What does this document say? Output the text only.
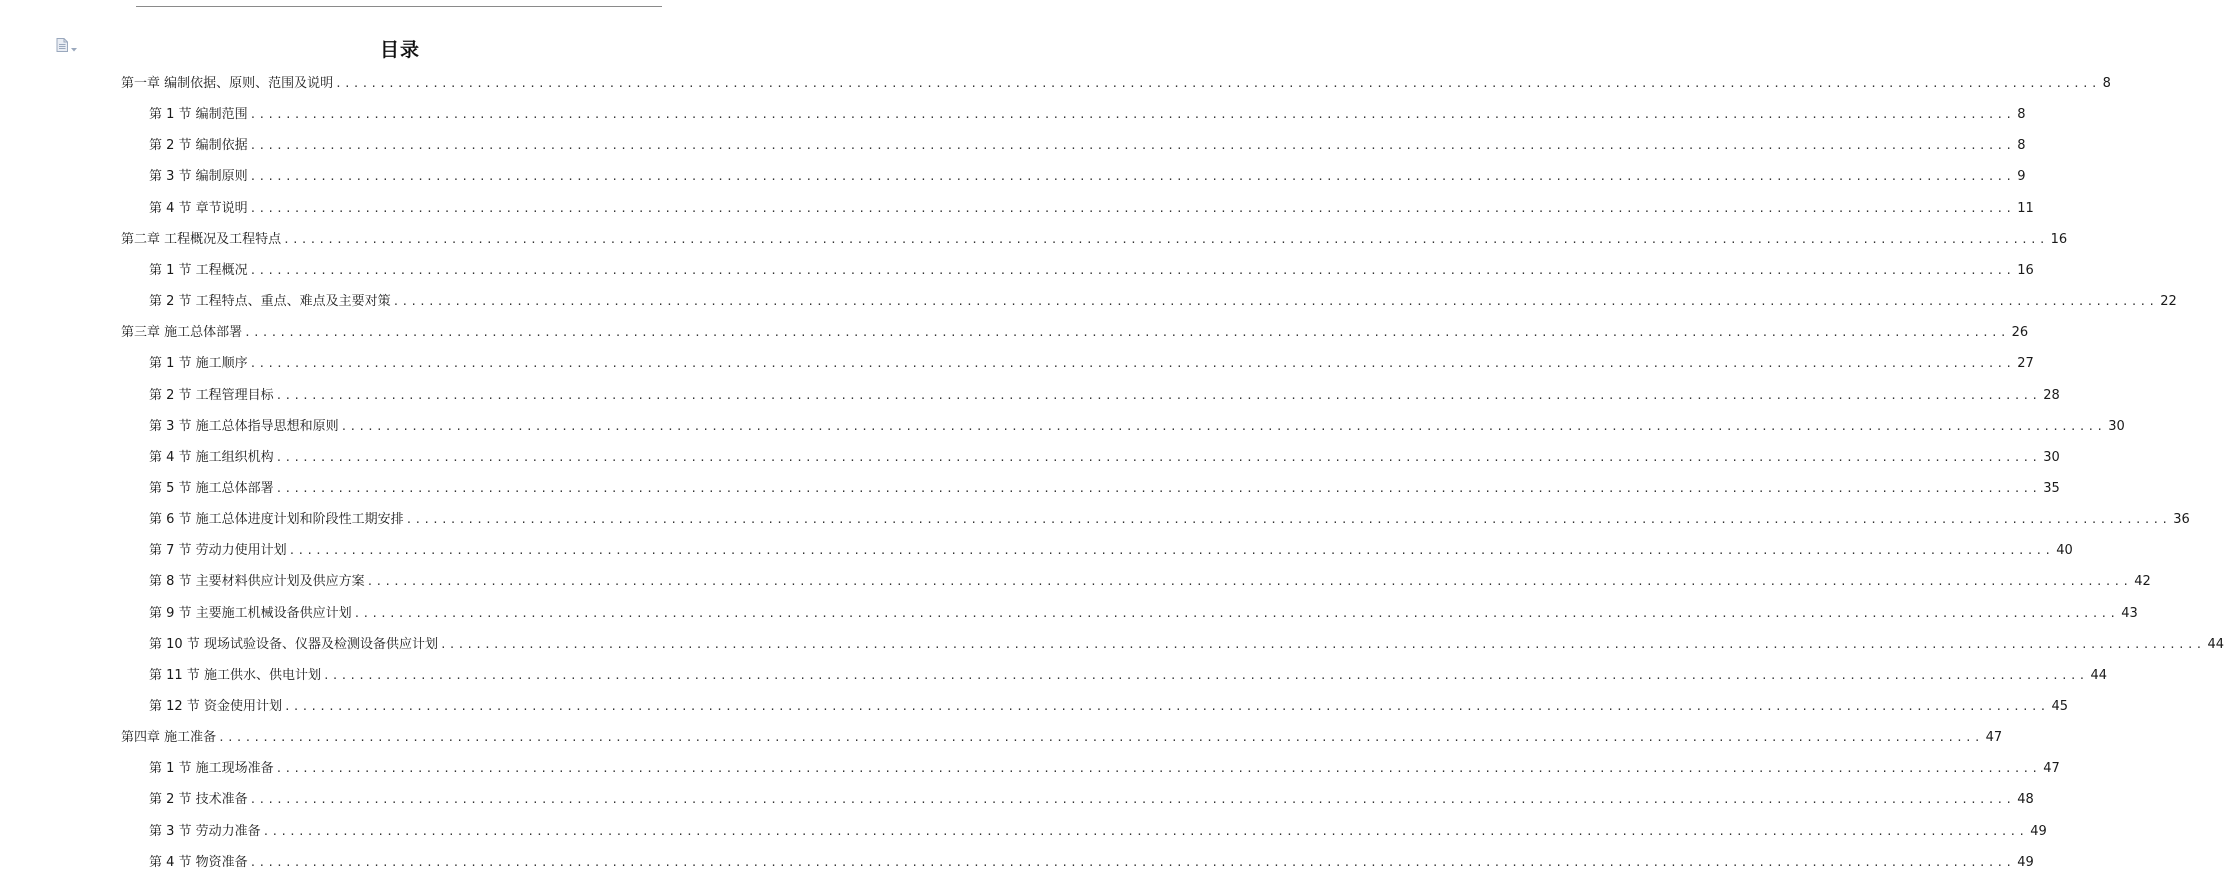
目录
第一章 编制依据、原则、范围及说明 ........................................................................................................................................................................................................ 8
第 1 节 编制范围 ........................................................................................................................................................................................................ 8
第 2 节 编制依据 ........................................................................................................................................................................................................ 8
第 3 节 编制原则 ........................................................................................................................................................................................................ 9
第 4 节 章节说明 ........................................................................................................................................................................................................ 11
第二章 工程概况及工程特点 ........................................................................................................................................................................................................ 16
第 1 节 工程概况 ........................................................................................................................................................................................................ 16
第 2 节 工程特点、重点、难点及主要对策 ........................................................................................................................................................................................................ 22
第三章 施工总体部署 ........................................................................................................................................................................................................ 26
第 1 节 施工顺序 ........................................................................................................................................................................................................ 27
第 2 节 工程管理目标 ........................................................................................................................................................................................................ 28
第 3 节 施工总体指导思想和原则 ........................................................................................................................................................................................................ 30
第 4 节 施工组织机构 ........................................................................................................................................................................................................ 30
第 5 节 施工总体部署 ........................................................................................................................................................................................................ 35
第 6 节 施工总体进度计划和阶段性工期安排 ........................................................................................................................................................................................................ 36
第 7 节 劳动力使用计划 ........................................................................................................................................................................................................ 40
第 8 节 主要材料供应计划及供应方案 ........................................................................................................................................................................................................ 42
第 9 节 主要施工机械设备供应计划 ........................................................................................................................................................................................................ 43
第 10 节 现场试验设备、仪器及检测设备供应计划 ........................................................................................................................................................................................................ 44
第 11 节 施工供水、供电计划 ........................................................................................................................................................................................................ 44
第 12 节 资金使用计划 ........................................................................................................................................................................................................ 45
第四章 施工准备 ........................................................................................................................................................................................................ 47
第 1 节 施工现场准备 ........................................................................................................................................................................................................ 47
第 2 节 技术准备 ........................................................................................................................................................................................................ 48
第 3 节 劳动力准备 ........................................................................................................................................................................................................ 49
第 4 节 物资准备 ........................................................................................................................................................................................................ 49
